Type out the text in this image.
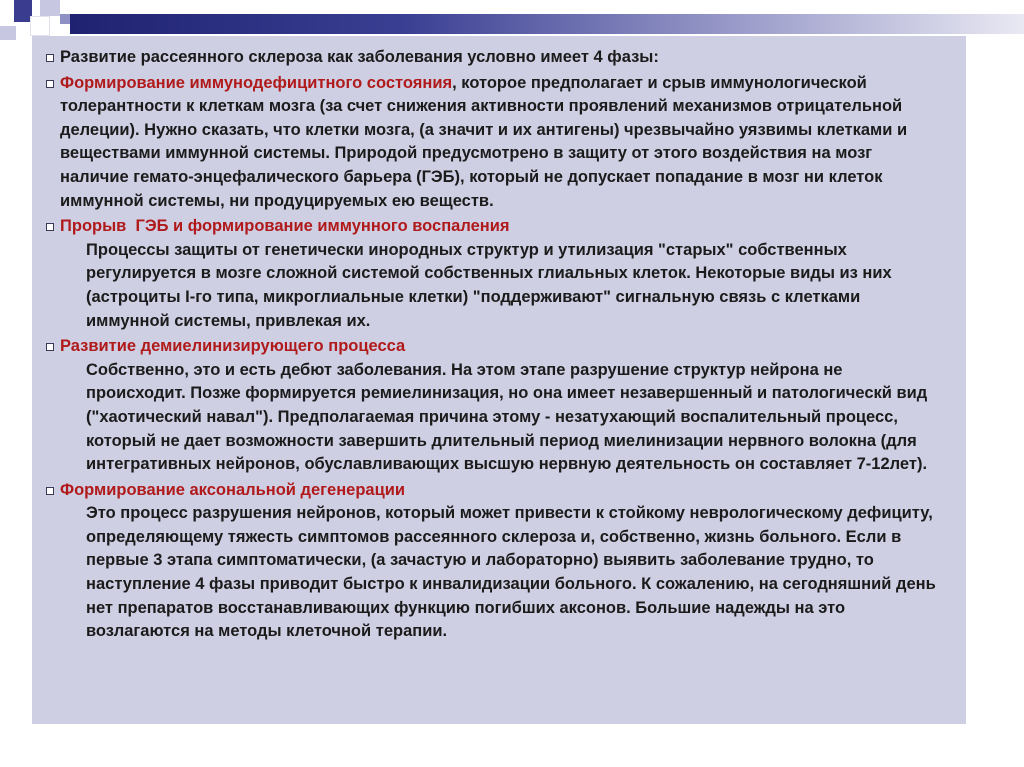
Развитие рассеянного склероза как заболевания условно имеет 4 фазы:
Формирование иммунодефицитного состояния, которое предполагает и срыв иммунологической толерантности к клеткам мозга (за счет снижения активности проявлений механизмов отрицательной делеции). Нужно сказать, что клетки мозга, (а значит и их антигены) чрезвычайно уязвимы клетками и веществами иммунной системы. Природой предусмотрено в защиту от этого воздействия на мозг наличие гемато-энцефалического барьера (ГЭБ), который не допускает попадание в мозг ни клеток иммунной системы, ни продуцируемых ею веществ.
Прорыв  ГЭБ и формирование иммунного воспаления
Процессы защиты от генетически инородных структур и утилизация "старых" собственных регулируется в мозге сложной системой собственных глиальных клеток. Некоторые виды из них (астроциты I-го типа, микроглиальные клетки) "поддерживают" сигнальную связь с клетками иммунной системы, привлекая их.
Развитие демиелинизирующего процесса
Собственно, это и есть дебют заболевания. На этом этапе разрушение структур нейрона не происходит. Позже формируется ремиелинизация, но она имеет незавершенный и патологическй вид ("хаотический навал"). Предполагаемая причина этому - незатухающий воспалительный процесс, который не дает возможности завершить длительный период миелинизации нервного волокна (для интегративных нейронов, обуславливающих высшую нервную деятельность он составляет 7-12лет).
Формирование аксональной дегенерации
Это процесс разрушения нейронов, который может привести к стойкому неврологическому дефициту, определяющему тяжесть симптомов рассеянного склероза и, собственно, жизнь больного. Если в первые 3 этапа симптоматически, (а зачастую и лабораторно) выявить заболевание трудно, то наступление 4 фазы приводит быстро к инвалидизации больного. К сожалению, на сегодняшний день нет препаратов восстанавливающих функцию погибших аксонов. Большие надежды на это возлагаются на методы клеточной терапии.
